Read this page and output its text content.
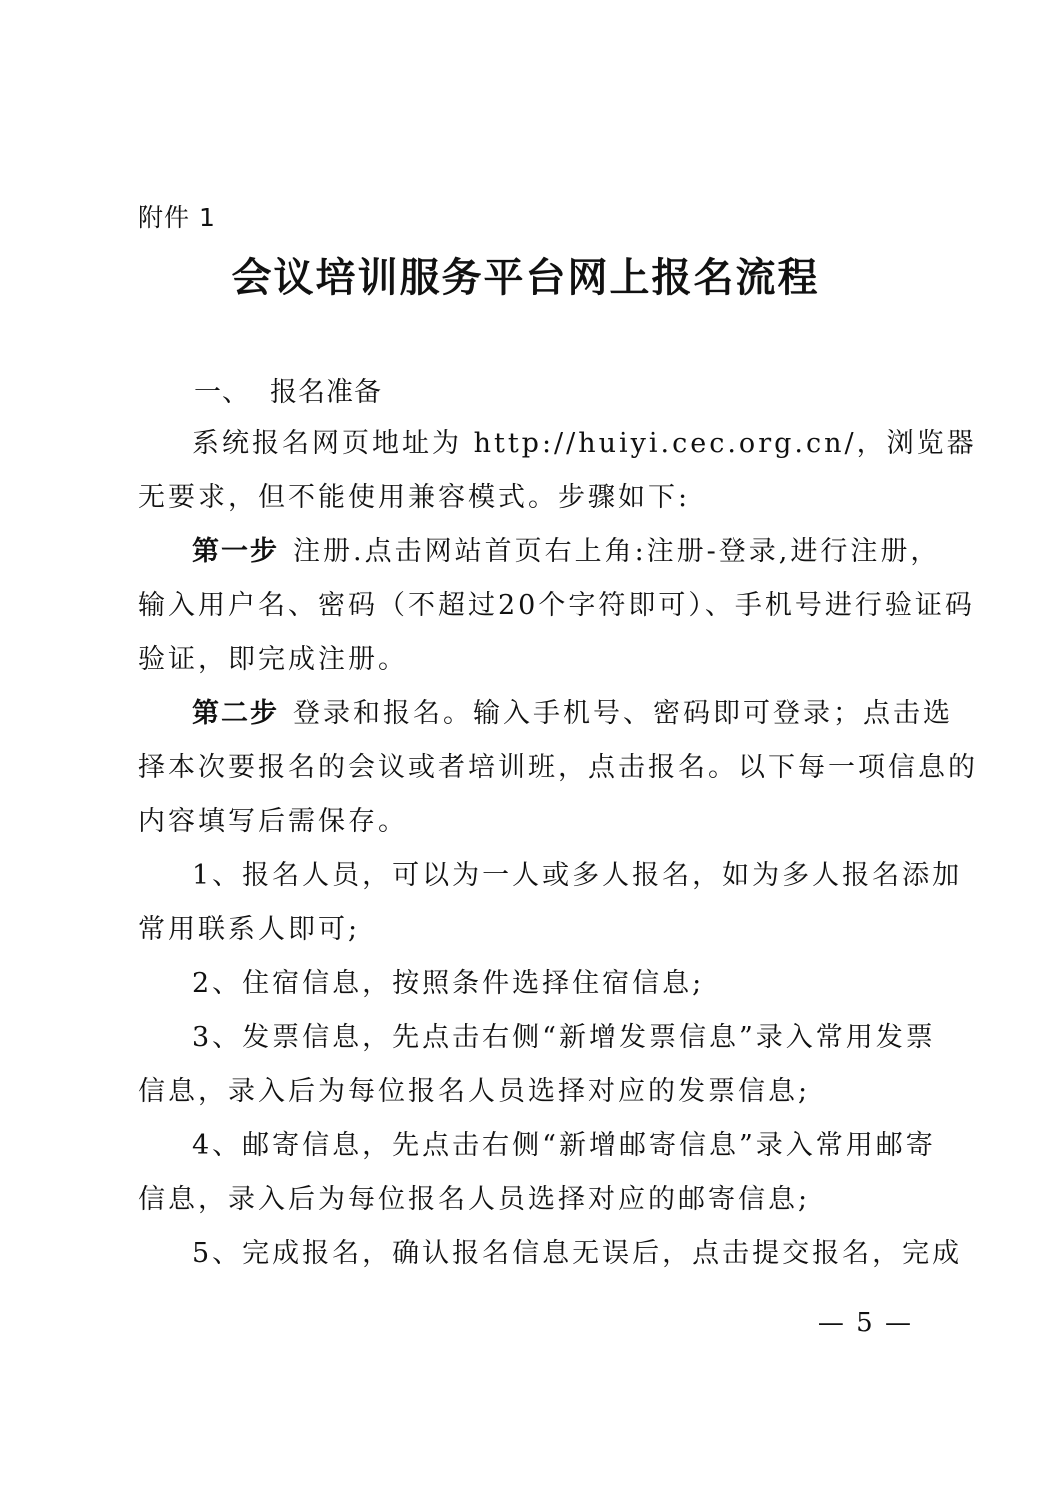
附件 1
会议培训服务平台网上报名流程
一、 报名准备
系统报名网页地址为 http://huiyi.cec.org.cn/，浏览器
无要求，但不能使用兼容模式。步骤如下:
第一步 注册.点击网站首页右上角:注册-登录,进行注册，
输入用户名、密码（不超过20个字符即可）、手机号进行验证码
验证，即完成注册。
第二步 登录和报名。输入手机号、密码即可登录；点击选
择本次要报名的会议或者培训班，点击报名。以下每一项信息的
内容填写后需保存。
1、报名人员，可以为一人或多人报名，如为多人报名添加
常用联系人即可;
2、住宿信息，按照条件选择住宿信息;
3、发票信息，先点击右侧“新增发票信息”录入常用发票
信息，录入后为每位报名人员选择对应的发票信息;
4、邮寄信息，先点击右侧“新增邮寄信息”录入常用邮寄
信息，录入后为每位报名人员选择对应的邮寄信息;
5、完成报名，确认报名信息无误后，点击提交报名，完成
— 5 —
